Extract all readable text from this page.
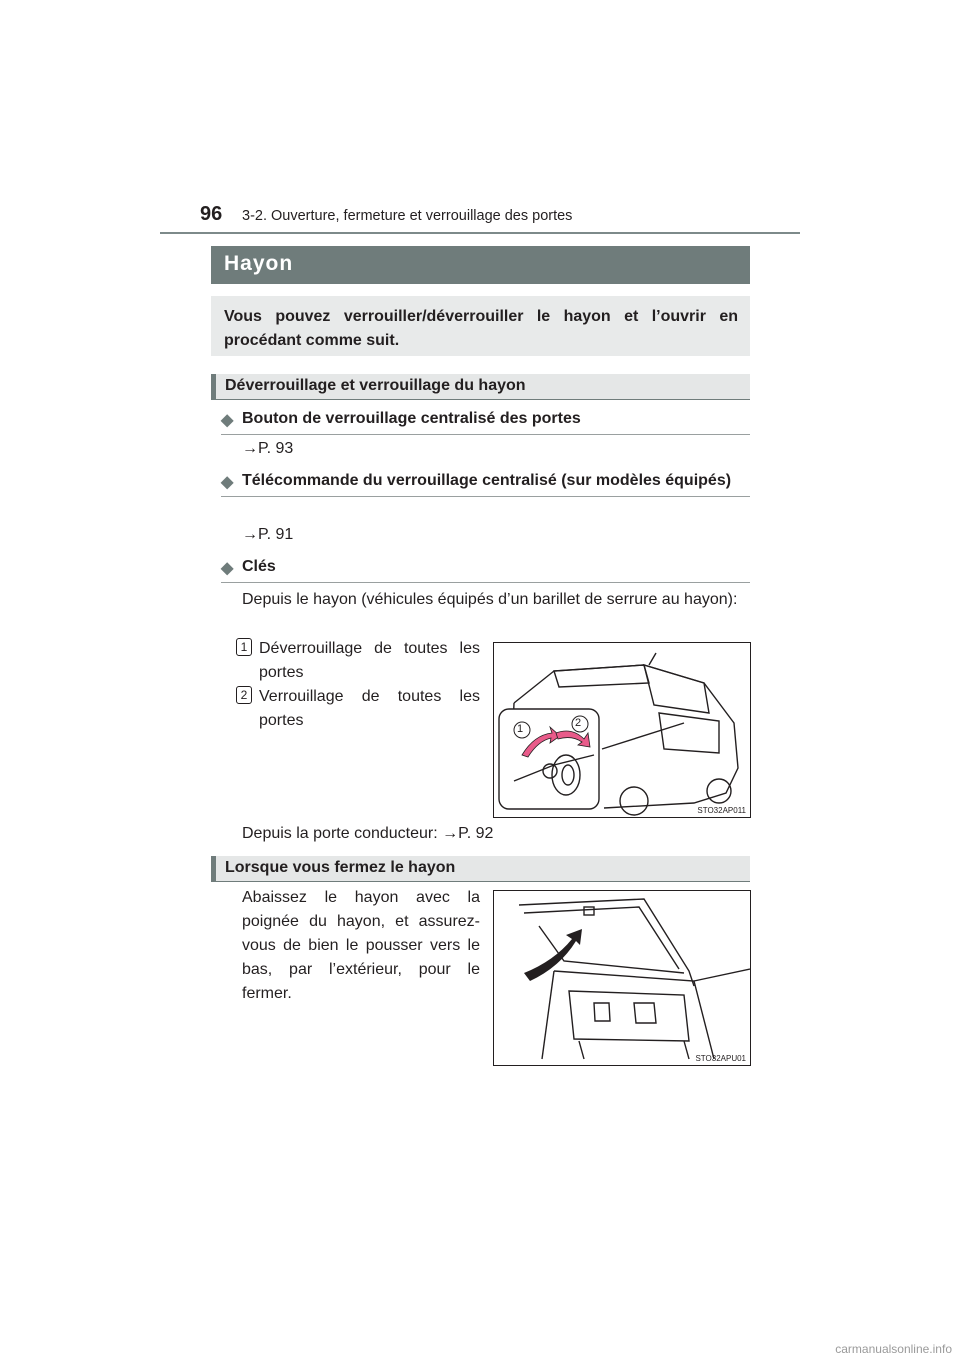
96 3-2. Ouverture, fermeture et verrouillage des portes
Hayon
Vous pouvez verrouiller/déverrouiller le hayon et l’ouvrir en procédant comme suit.
Déverrouillage et verrouillage du hayon
◆ Bouton de verrouillage centralisé des portes
→P. 93
◆ Télécommande du verrouillage centralisé (sur modèles équipés)
→P. 91
◆ Clés
Depuis le hayon (véhicules équipés d’un barillet de serrure au hayon):
1 Déverrouillage de toutes les portes
2 Verrouillage de toutes les portes	1	2
STO32AP011
Depuis la porte conducteur: →P. 92
Lorsque vous fermez le hayon
Abaissez le hayon avec la poignée du hayon, et assurez-vous de bien le pousser vers le bas, par l’extérieur, pour le fermer.
STO32APU01
carmanualsonline.info
